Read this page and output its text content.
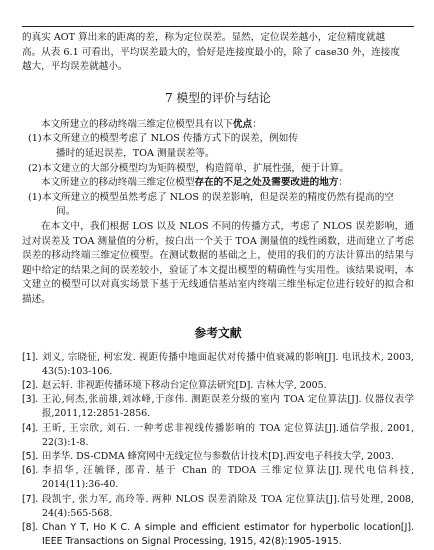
的真实 AOT 算出来的距离的差，称为定位误差。显然，定位误差越小，定位精度就越

高。从表 6.1 可看出，平均误差最大的，恰好是连接度最小的，除了 case30 外，连接度

越大，平均误差就越小。

7 模型的评价与结论

本文所建立的移动终端三维定位模型具有以下优点：

(1) 本文所建立的模型考虑了 NLOS 传播方式下的误差，例如传
播时的延迟误差，TOA 测量误差等。
(2) 本文建立的大部分模型均为矩阵模型，构造简单，扩展性强，便于计算。

本文所建立的移动终端三维定位模型存在的不足之处及需要改进的地方：

(1) 本文所建立的模型虽然考虑了 NLOS 的误差影响，但是误差的精度仍然有提高的空
间。

在本文中，我们根据 LOS 以及 NLOS 不同的传播方式，考虑了 NLOS 误差影响，通过对误差及 TOA 测量值的分析，按白出一个关于 TOA 测量值的线性函数，进而建立了考虑误差的移动终端三维定位模型。在测试数据的基础之上，使用的我们的方法计算出的结果与题中给定的结果之间的误差较小，验证了本文提出模型的精确性与实用性。该结果说明，本文建立的模型可以对真实场景下基于无线通信基站室内终端三维坐标定位进行较好的拟合和描述。

参考文献
[1]. 刘义, 宗晓征, 柯宏发. 视距传播中地面起伏对传播中值衰减的影响[J]. 电讯技术, 2003, 43(5):103-106.
[2]. 赵云轩. 非视距传播环境下移动台定位算法研究[D]. 吉林大学, 2005.
[3]. 王沁,何杰,张前雄,刘冰峰,于彦伟. 测距误差分级的室内 TOA 定位算法[J]. 仪器仪表学报,2011,12:2851-2856.
[4]. 王昕, 王宗欣, 刘石. 一种考虑非视线传播影响的 TOA 定位算法[J].通信学报, 2001, 22(3):1-8.
[5]. 田孝华. DS-CDMA 蜂窝网中无线定位与参数估计技术[D].西安电子科技大学, 2003.
[6]. 李招华, 汪毓铎, 邵青. 基于 Chan 的 TDOA 三维定位算法[J].现代电信科技, 2014(11):36-40.
[7]. 段凯宇, 张力军, 高玲等. 两种 NLOS 误差消除及 TOA 定位算法[J].信号处理, 2008, 24(4):565-568.
[8]. Chan Y T, Ho K C. A simple and efficient estimator for hyperbolic location[J]. IEEE Transactions on Signal Processing, 1915, 42(8):1905-1915.
